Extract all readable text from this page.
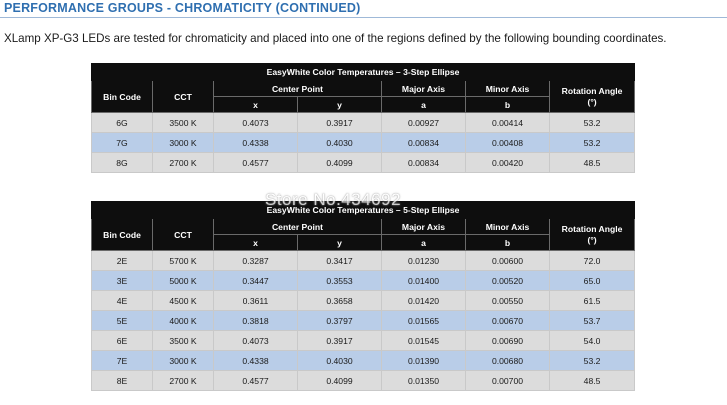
PERFORMANCE GROUPS - CHROMATICITY (CONTINUED)
XLamp XP-G3 LEDs are tested for chromaticity and placed into one of the regions defined by the following bounding coordinates.
EasyWhite Color Temperatures – 3-Step Ellipse						
Bin Code	CCT	Center Point		Major Axis	Minor Axis	Rotation Angle
(°)
		x	y	a	b	
6G	3500 K	0.4073	0.3917	0.00927	0.00414	53.2
7G	3000 K	0.4338	0.4030	0.00834	0.00408	53.2
8G	2700 K	0.4577	0.4099	0.00834	0.00420	48.5
EasyWhite Color Temperatures – 5-Step Ellipse						
Bin Code	CCT	Center Point		Major Axis	Minor Axis	Rotation Angle
(°)
		x	y	a	b	
2E	5700 K	0.3287	0.3417	0.01230	0.00600	72.0
3E	5000 K	0.3447	0.3553	0.01400	0.00520	65.0
4E	4500 K	0.3611	0.3658	0.01420	0.00550	61.5
5E	4000 K	0.3818	0.3797	0.01565	0.00670	53.7
6E	3500 K	0.4073	0.3917	0.01545	0.00690	54.0
7E	3000 K	0.4338	0.4030	0.01390	0.00680	53.2
8E	2700 K	0.4577	0.4099	0.01350	0.00700	48.5
Store No.434692
